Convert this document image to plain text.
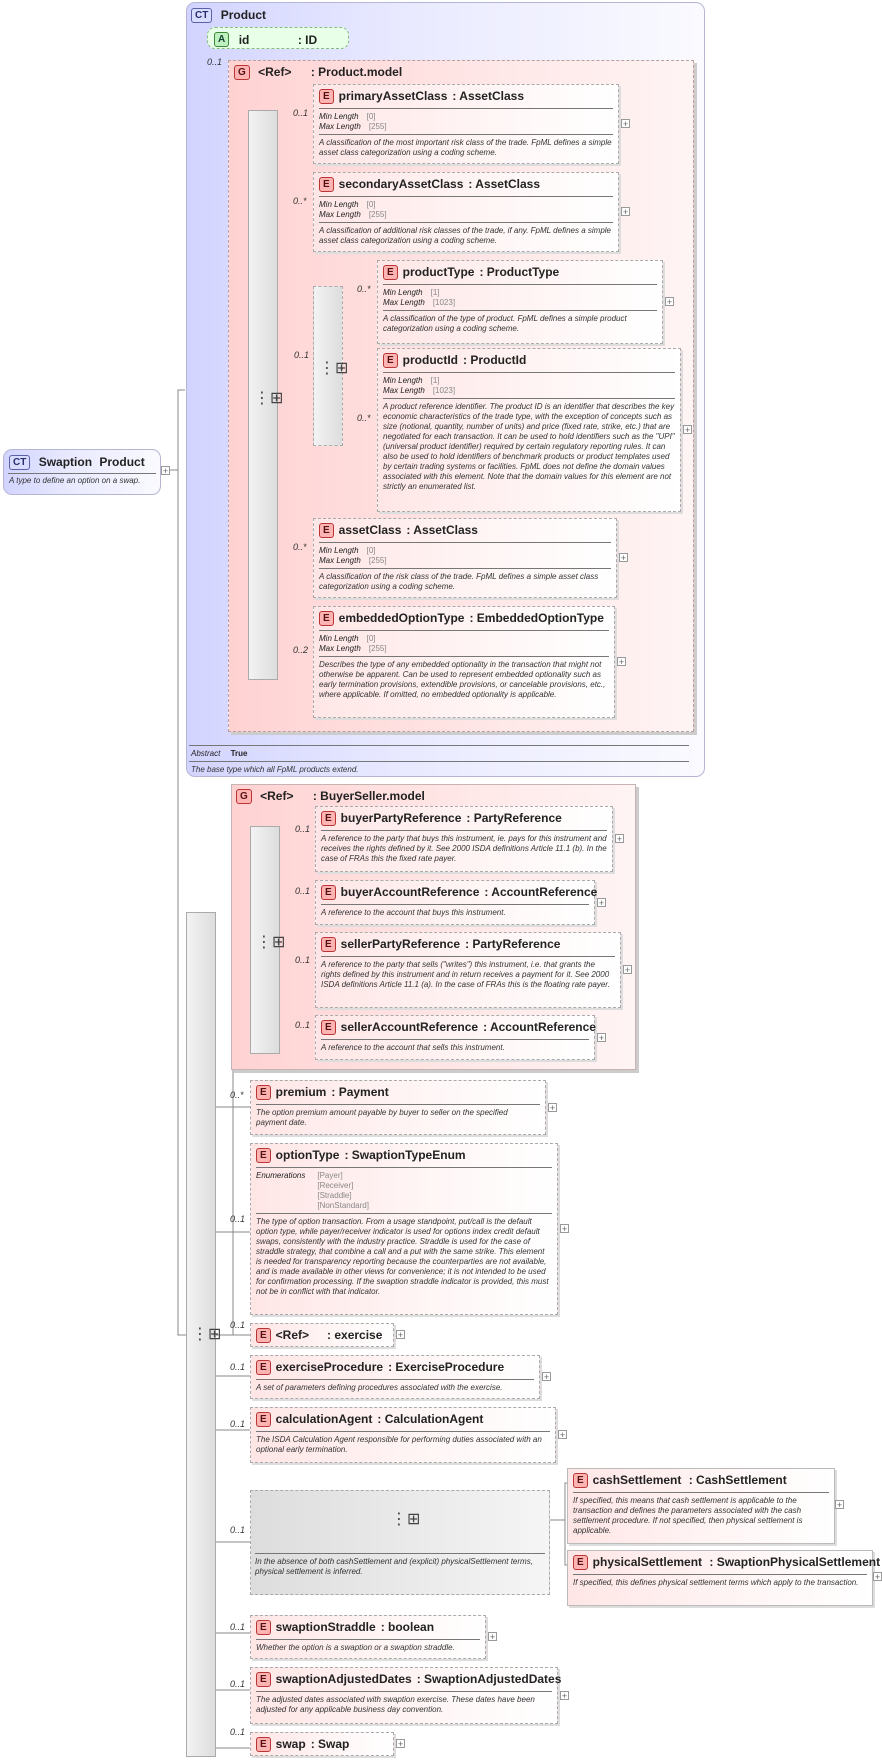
CT Swaption Product
A type to define an option on a swap.
+
CT Product
Abstract True
The base type which all FpML products extend.
A id	: ID
0..1
G <Ref> : Product.model
⋮⊞
⋮⊞
0..1
E primaryAssetClass : AssetClass
Min Length [0]
Max Length [255]
A classification of the most important risk class of the trade. FpML defines a simple asset class categorization using a coding scheme.
+
0..1
E secondaryAssetClass : AssetClass
Min Length [0]
Max Length [255]
A classification of additional risk classes of the trade, if any. FpML defines a simple asset class categorization using a coding scheme.
+
0..*
E productType : ProductType
Min Length [1]
Max Length [1023]
A classification of the type of product. FpML defines a simple product categorization using a coding scheme.
+
0..*
E productId : ProductId
Min Length [1]
Max Length [1023]
A product reference identifier. The product ID is an identifier that describes the key economic characteristics of the trade type, with the exception of concepts such as size (notional, quantity, number of units) and price (fixed rate, strike, etc.) that are negotiated for each transaction. It can be used to hold identifiers such as the "UPI" (universal product identifier) required by certain regulatory reporting rules. It can also be used to hold identifiers of benchmark products or product templates used by certain trading systems or facilities. FpML does not define the domain values associated with this element. Note that the domain values for this element are not strictly an enumerated list.
+
0..*
E assetClass : AssetClass
Min Length [0]
Max Length [255]
A classification of the risk class of the trade. FpML defines a simple asset class categorization using a coding scheme.
+
0..*
E embeddedOptionType : EmbeddedOptionType
Min Length [0]
Max Length [255]
Describes the type of any embedded optionality in the transaction that might not otherwise be apparent. Can be used to represent embedded optionality such as early termination provisions, extendible provisions, or cancelable provisions, etc., where applicable. If omitted, no embedded optionality is applicable.
+
0..2
G <Ref> : BuyerSeller.model
⋮⊞
E buyerPartyReference : PartyReference
A reference to the party that buys this instrument, ie. pays for this instrument and receives the rights defined by it. See 2000 ISDA definitions Article 11.1 (b). In the case of FRAs this the fixed rate payer.
+
0..1
E buyerAccountReference : AccountReference
A reference to the account that buys this instrument.
+
0..1
E sellerPartyReference : PartyReference
A reference to the party that sells ("writes") this instrument, i.e. that grants the rights defined by this instrument and in return receives a payment for it. See 2000 ISDA definitions Article 11.1 (a). In the case of FRAs this is the floating rate payer.
+
0..1
E sellerAccountReference : AccountReference
A reference to the account that sells this instrument.
+
0..1
⋮⊞
E premium : Payment
The option premium amount payable by buyer to seller on the specified payment date.
+
0..*
E optionType : SwaptionTypeEnum
Enumerations [Payer]
[Receiver]
[Straddle]
[NonStandard]
The type of option transaction. From a usage standpoint, put/call is the default option type, while payer/receiver indicator is used for options index credit default swaps, consistently with the industry practice. Straddle is used for the case of straddle strategy, that combine a call and a put with the same strike. This element is needed for transparency reporting because the counterparties are not available, and is made available in other views for convenience; it is not intended to be used for confirmation processing. If the swaption straddle indicator is provided, this must not be in conflict with that indicator.
+
0..1
E <Ref> : exercise	+
0..1
E exerciseProcedure : ExerciseProcedure
A set of parameters defining procedures associated with the exercise.
+
0..1
E calculationAgent : CalculationAgent
The ISDA Calculation Agent responsible for performing duties associated with an optional early termination.
+
0..1
E swaptionStraddle : boolean
Whether the option is a swaption or a swaption straddle.
+
0..1
E swaptionAdjustedDates : SwaptionAdjustedDates
The adjusted dates associated with swaption exercise. These dates have been adjusted for any applicable business day convention.
+
0..1
E swap : Swap	+
0..1
⋮⊞
In the absence of both cashSettlement and (explicit) physicalSettlement terms, physical settlement is inferred.
0..1
E cashSettlement : CashSettlement
If specified, this means that cash settlement is applicable to the transaction and defines the parameters associated with the cash settlement procedure. If not specified, then physical settlement is applicable.
+
E physicalSettlement : SwaptionPhysicalSettlement
If specified, this defines physical settlement terms which apply to the transaction.
+
